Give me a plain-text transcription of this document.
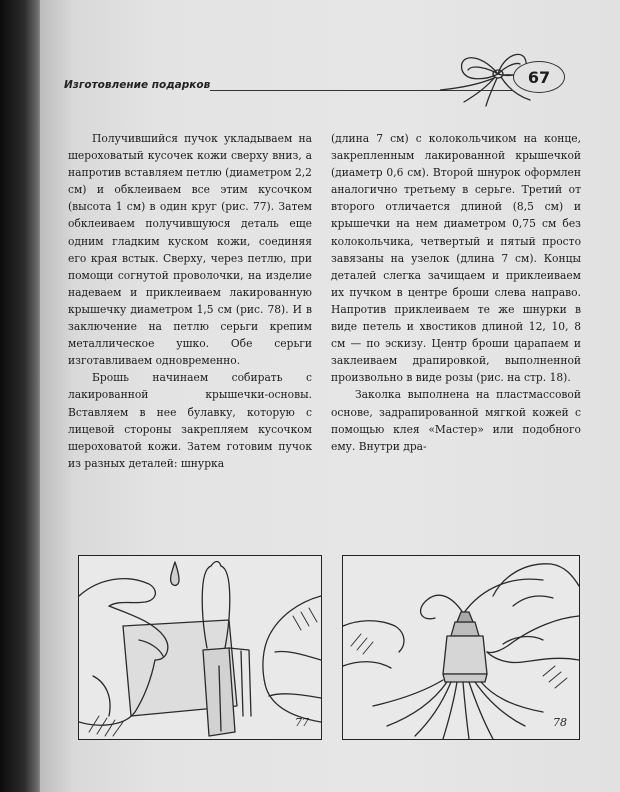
Изготовление подарков	67

Получившийся пучок укладываем на шероховатый кусочек кожи сверху вниз, а напротив вставляем петлю (диаметром 2,2 см) и обклеиваем все этим кусочком (высота 1 см) в один круг (рис. 77). Затем обклеиваем получившуюся деталь еще одним гладким куском кожи, соединяя его края встык. Сверху, через петлю, при помощи согнутой проволочки, на изделие надеваем и приклеиваем лакированную крышечку диаметром 1,5 см (рис. 78). И в заключение на петлю серьги крепим металлическое ушко. Обе серьги изготавливаем одновременно.

Брошь начинаем собирать с лакированной крышечки-основы. Вставляем в нее булавку, которую с лицевой стороны закрепляем кусочком шероховатой кожи. Затем готовим пучок из разных деталей: шнурка

(длина 7 см) с колокольчиком на конце, закрепленным лакированной крышечкой (диаметр 0,6 см). Второй шнурок оформлен аналогично третьему в серьге. Третий от второго отличается длиной (8,5 см) и крышечки на нем диаметром 0,75 см без колокольчика, четвертый и пятый просто завязаны на узелок (длина 7 см). Концы деталей слегка зачищаем и приклеиваем их пучком в центре броши слева направо. Напротив приклеиваем те же шнурки в виде петель и хвостиков длиной 12, 10, 8 см — по эскизу. Центр броши царапаем и заклеиваем драпировкой, выполненной произвольно в виде розы (рис. на стр. 18).

Заколка выполнена на пластмассовой основе, задрапированной мягкой кожей с помощью клея «Мастер» или подобного ему. Внутри дра-

77	78
